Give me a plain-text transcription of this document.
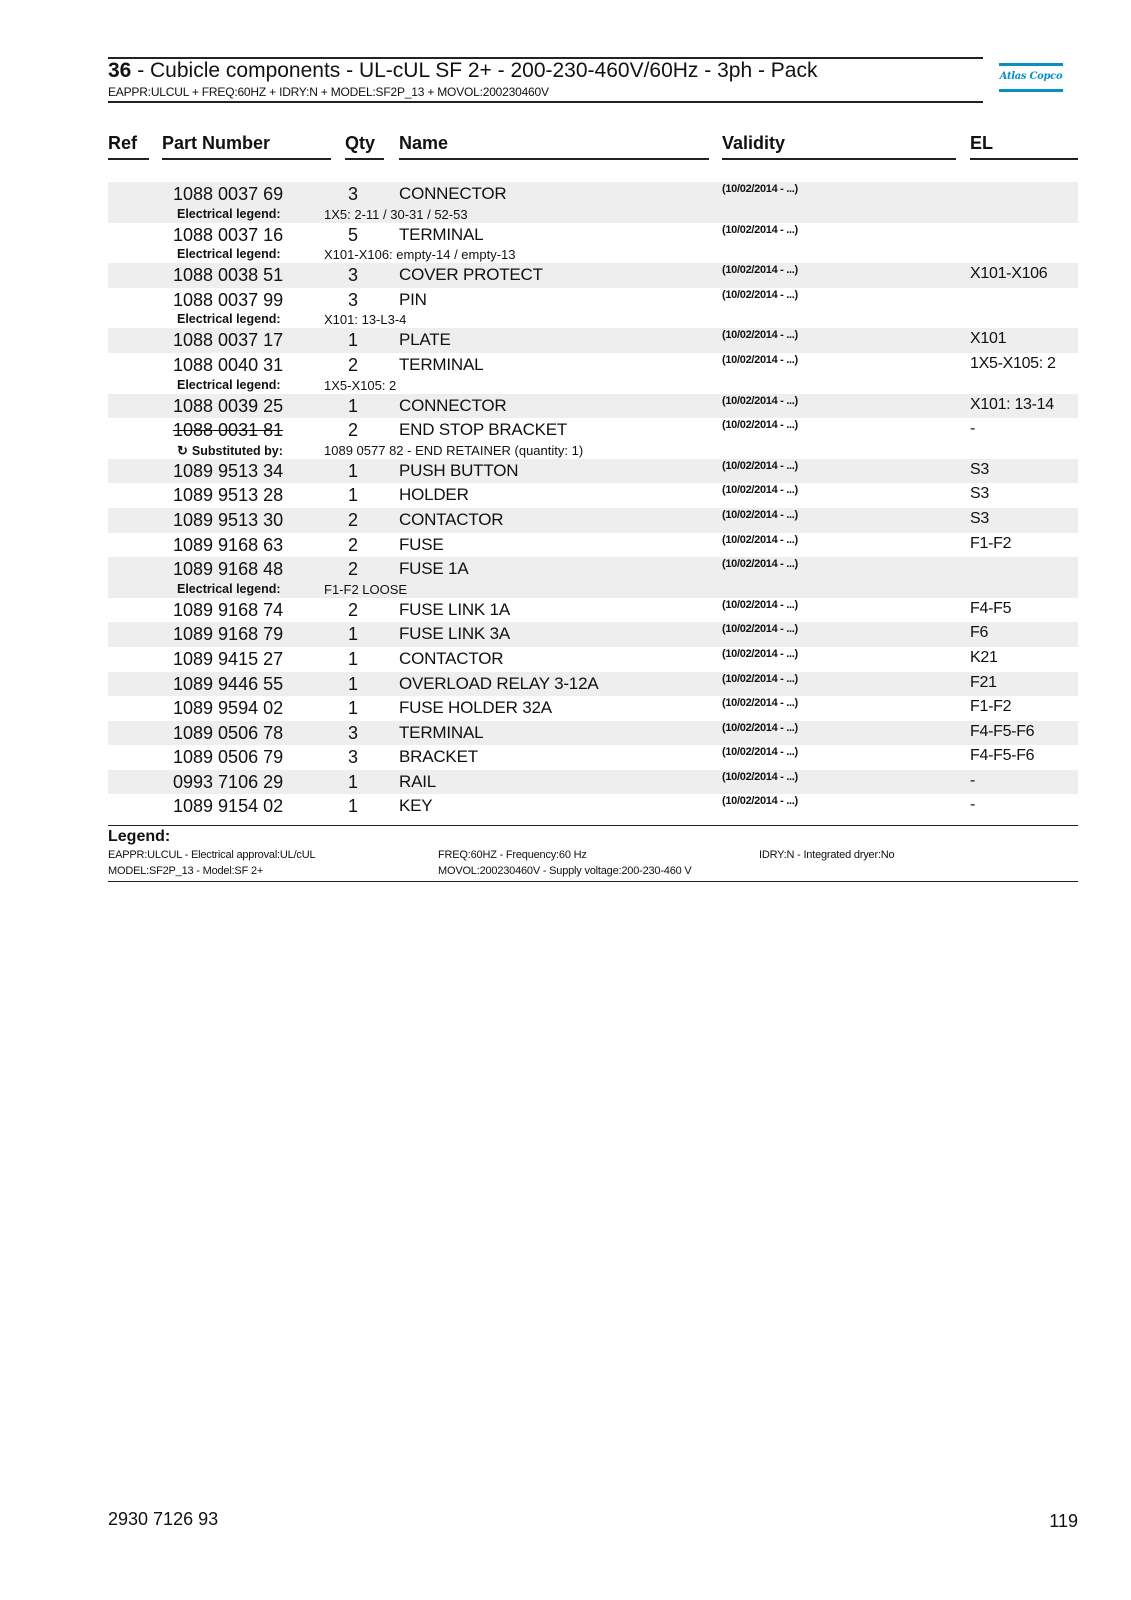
36 - Cubicle components - UL-cUL SF 2+ - 200-230-460V/60Hz - 3ph - Pack
EAPPR:ULCUL + FREQ:60HZ + IDRY:N + MODEL:SF2P_13 + MOVOL:200230460V
Atlas Copco
Ref Part Number	Qty Name	Validity	EL
1088 0037 69	3 CONNECTOR	(10/02/2014 - ...)
Electrical legend:	1X5: 2-11 / 30-31 / 52-53
1088 0037 16	5 TERMINAL	(10/02/2014 - ...)
Electrical legend:	X101-X106: empty-14 / empty-13
1088 0038 51	3 COVER PROTECT	(10/02/2014 - ...)	X101-X106
1088 0037 99	3 PIN	(10/02/2014 - ...)
Electrical legend:	X101: 13-L3-4
1088 0037 17	1 PLATE	(10/02/2014 - ...)	X101
1088 0040 31	2 TERMINAL	(10/02/2014 - ...)	1X5-X105: 2
Electrical legend:	1X5-X105: 2
1088 0039 25	1 CONNECTOR	(10/02/2014 - ...)	X101: 13-14
1088 0031 81	2 END STOP BRACKET	(10/02/2014 - ...)	-
↻ Substituted by:	1089 0577 82 - END RETAINER (quantity: 1)
1089 9513 34	1 PUSH BUTTON	(10/02/2014 - ...)	S3
1089 9513 28	1 HOLDER	(10/02/2014 - ...)	S3
1089 9513 30	2 CONTACTOR	(10/02/2014 - ...)	S3
1089 9168 63	2 FUSE	(10/02/2014 - ...)	F1-F2
1089 9168 48	2 FUSE 1A	(10/02/2014 - ...)
Electrical legend:	F1-F2 LOOSE
1089 9168 74	2 FUSE LINK 1A	(10/02/2014 - ...)	F4-F5
1089 9168 79	1 FUSE LINK 3A	(10/02/2014 - ...)	F6
1089 9415 27	1 CONTACTOR	(10/02/2014 - ...)	K21
1089 9446 55	1 OVERLOAD RELAY 3-12A	(10/02/2014 - ...)	F21
1089 9594 02	1 FUSE HOLDER 32A	(10/02/2014 - ...)	F1-F2
1089 0506 78	3 TERMINAL	(10/02/2014 - ...)	F4-F5-F6
1089 0506 79	3 BRACKET	(10/02/2014 - ...)	F4-F5-F6
0993 7106 29	1 RAIL	(10/02/2014 - ...)	-
1089 9154 02	1 KEY	(10/02/2014 - ...)	-
Legend:
EAPPR:ULCUL - Electrical approval:UL/cUL	FREQ:60HZ - Frequency:60 Hz	IDRY:N - Integrated dryer:No
MODEL:SF2P_13 - Model:SF 2+	MOVOL:200230460V - Supply voltage:200-230-460 V
2930 7126 93	119
